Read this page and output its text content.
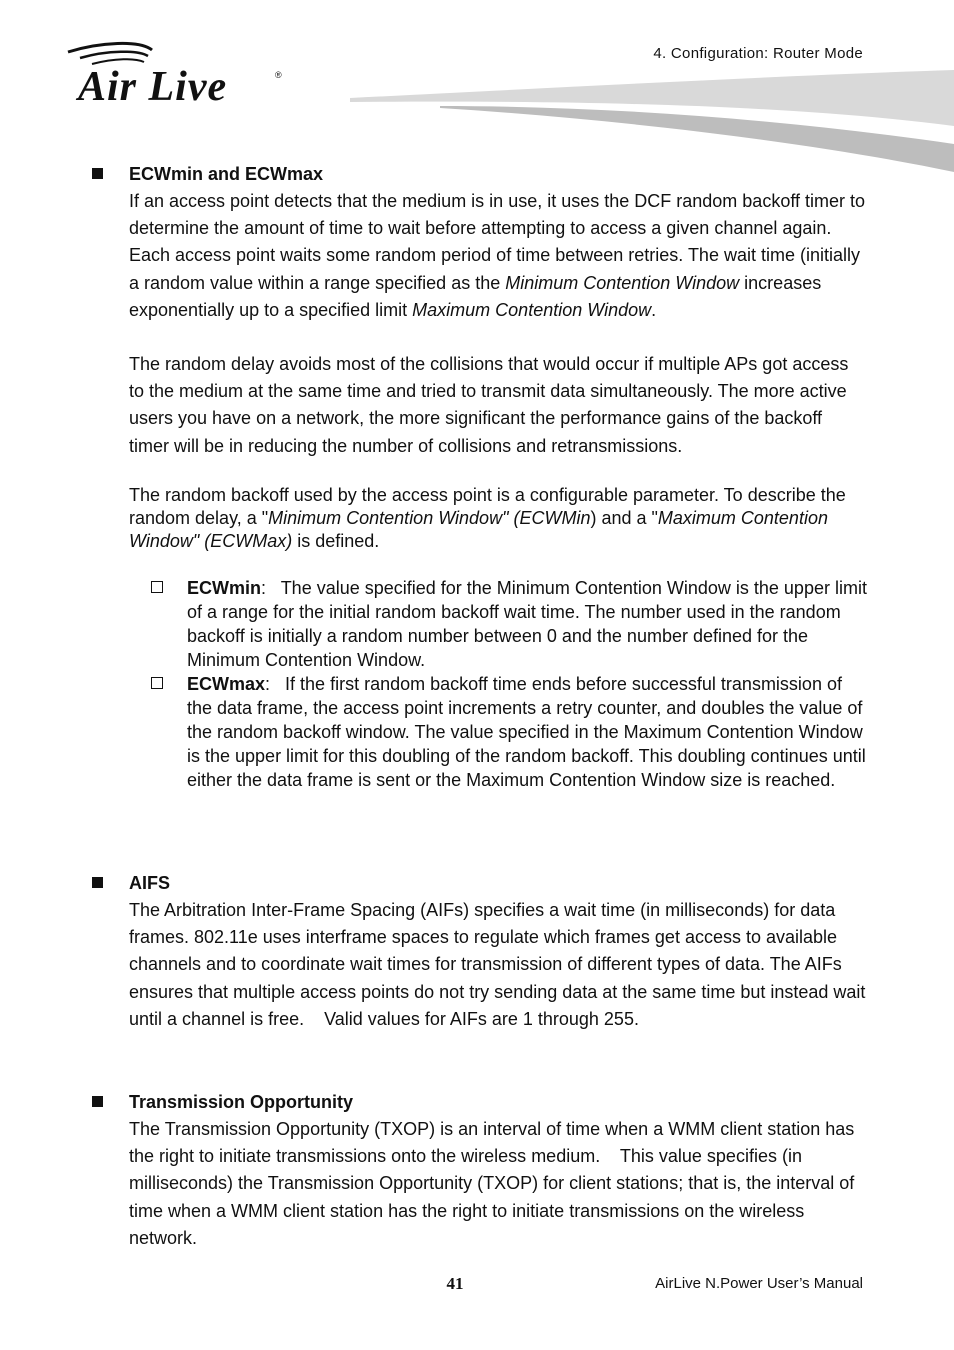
4. Configuration: Router Mode
Air Live	®
ECWmin and ECWmax
If an access point detects that the medium is in use, it uses the DCF random backoff timer to determine the amount of time to wait before attempting to access a given channel again. Each access point waits some random period of time between retries. The wait time (initially a random value within a range specified as the Minimum Contention Window increases exponentially up to a specified limit Maximum Contention Window.
The random delay avoids most of the collisions that would occur if multiple APs got access to the medium at the same time and tried to transmit data simultaneously. The more active users you have on a network, the more significant the performance gains of the backoff timer will be in reducing the number of collisions and retransmissions.
The random backoff used by the access point is a configurable parameter. To describe the random delay, a "Minimum Contention Window" (ECWMin) and a "Maximum Contention Window" (ECWMax) is defined.
ECWmin:   The value specified for the Minimum Contention Window is the upper limit of a range for the initial random backoff wait time. The number used in the random backoff is initially a random number between 0 and the number defined for the Minimum Contention Window.
ECWmax:   If the first random backoff time ends before successful transmission of the data frame, the access point increments a retry counter, and doubles the value of the random backoff window. The value specified in the Maximum Contention Window is the upper limit for this doubling of the random backoff. This doubling continues until either the data frame is sent or the Maximum Contention Window size is reached.
AIFS
The Arbitration Inter-Frame Spacing (AIFs) specifies a wait time (in milliseconds) for data frames. 802.11e uses interframe spaces to regulate which frames get access to available channels and to coordinate wait times for transmission of different types of data. The AIFs ensures that multiple access points do not try sending data at the same time but instead wait until a channel is free.    Valid values for AIFs are 1 through 255.
Transmission Opportunity
The Transmission Opportunity (TXOP) is an interval of time when a WMM client station has the right to initiate transmissions onto the wireless medium.    This value specifies (in milliseconds) the Transmission Opportunity (TXOP) for client stations; that is, the interval of time when a WMM client station has the right to initiate transmissions on the wireless network.
41	AirLive N.Power User’s Manual
